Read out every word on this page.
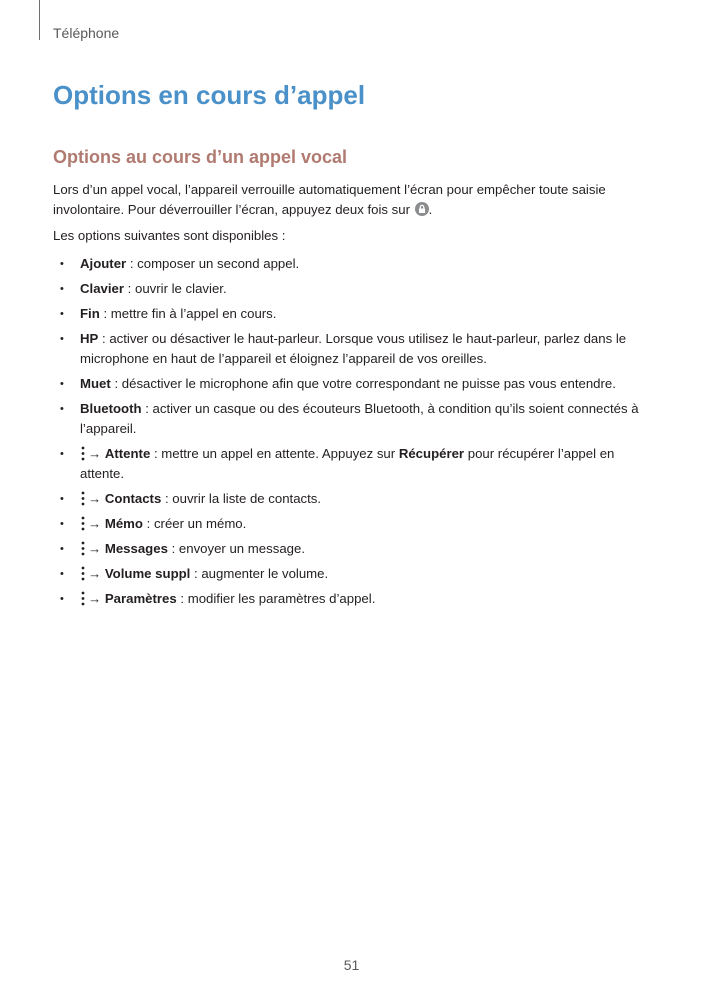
Téléphone

Options en cours d’appel
Options au cours d’un appel vocal

Lors d’un appel vocal, l’appareil verrouille automatiquement l’écran pour empêcher toute saisie involontaire. Pour déverrouiller l’écran, appuyez deux fois sur .

Les options suivantes sont disponibles :

• Ajouter : composer un second appel.
• Clavier : ouvrir le clavier.
• Fin : mettre fin à l’appel en cours.
• HP : activer ou désactiver le haut-parleur. Lorsque vous utilisez le haut-parleur, parlez dans le microphone en haut de l’appareil et éloignez l’appareil de vos oreilles.
• Muet : désactiver le microphone afin que votre correspondant ne puisse pas vous entendre.
• Bluetooth : activer un casque ou des écouteurs Bluetooth, à condition qu’ils soient connectés à l’appareil.
• → Attente : mettre un appel en attente. Appuyez sur Récupérer pour récupérer l’appel en attente.
• → Contacts : ouvrir la liste de contacts.
• → Mémo : créer un mémo.
• → Messages : envoyer un message.
• → Volume suppl : augmenter le volume.
• → Paramètres : modifier les paramètres d’appel.
51
